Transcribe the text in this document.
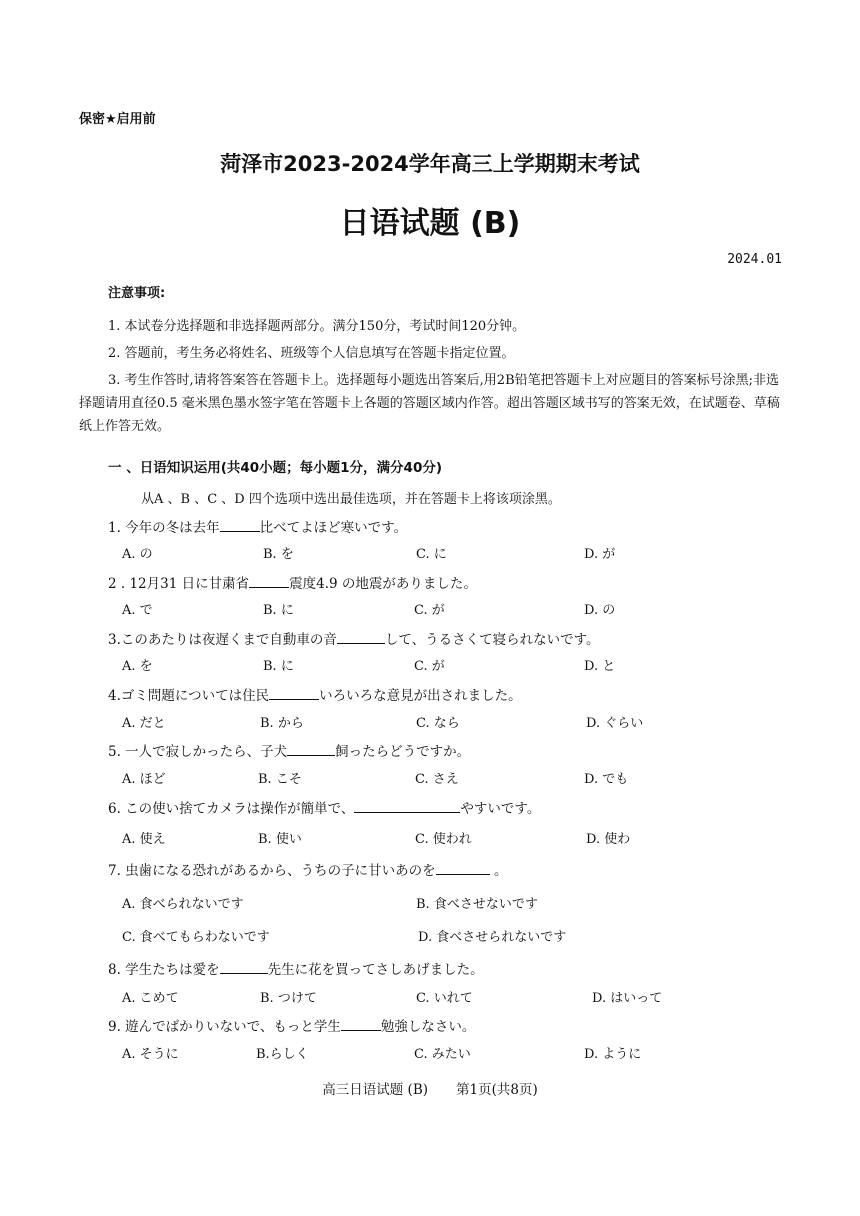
保密★启用前
菏泽市2023-2024学年高三上学期期末考试
日语试题 (B)
2024.01
注意事项:
1. 本试卷分选择题和非选择题两部分。满分150分，考试时间120分钟。
2. 答题前，考生务必将姓名、班级等个人信息填写在答题卡指定位置。
3. 考生作答时,请将答案答在答题卡上。选择题每小题选出答案后,用2B铅笔把答题卡上对应题目的答案标号涂黑;非选择题请用直径0.5 毫米黑色墨水签字笔在答题卡上各题的答题区域内作答。超出答题区域书写的答案无效，在试题卷、草稿纸上作答无效。
一 、日语知识运用(共40小题；每小题1分，满分40分)
从A 、B 、C 、D 四个选项中选出最佳选项，并在答题卡上将该项涂黑。
1. 今年の冬は去年	比べてよほど寒いです。
A. の	B. を	C. に	D. が
2 . 12月31 日に甘粛省	震度4.9 の地震がありました。
A. で	B. に	C. が	D. の
3.このあたりは夜遅くまで自動車の音	して、うるさくて寝られないです。
A. を	B. に	C. が	D. と
4.ゴミ問題については住民	いろいろな意見が出されました。
A. だと	B. から	C. なら	D. ぐらい
5. 一人で寂しかったら、子犬	飼ったらどうですか。
A. ほど	B. こそ	C. さえ	D. でも
6. この使い捨てカメラは操作が簡単で、	やすいです。
A. 使え	B. 使い	C. 使われ	D. 使わ
7. 虫歯になる恐れがあるから、うちの子に甘いあのを	。
A. 食べられないです	B. 食べさせないです
C. 食べてもらわないです	D. 食べさせられないです
8. 学生たちは愛を	先生に花を買ってさしあげました。
A. こめて	B. つけて	C. いれて	D. はいって
9. 遊んでばかりいないで、もっと学生	勉強しなさい。
A. そうに	B.らしく	C. みたい	D. ように
高三日语试题 (B) 第1页(共8页)
